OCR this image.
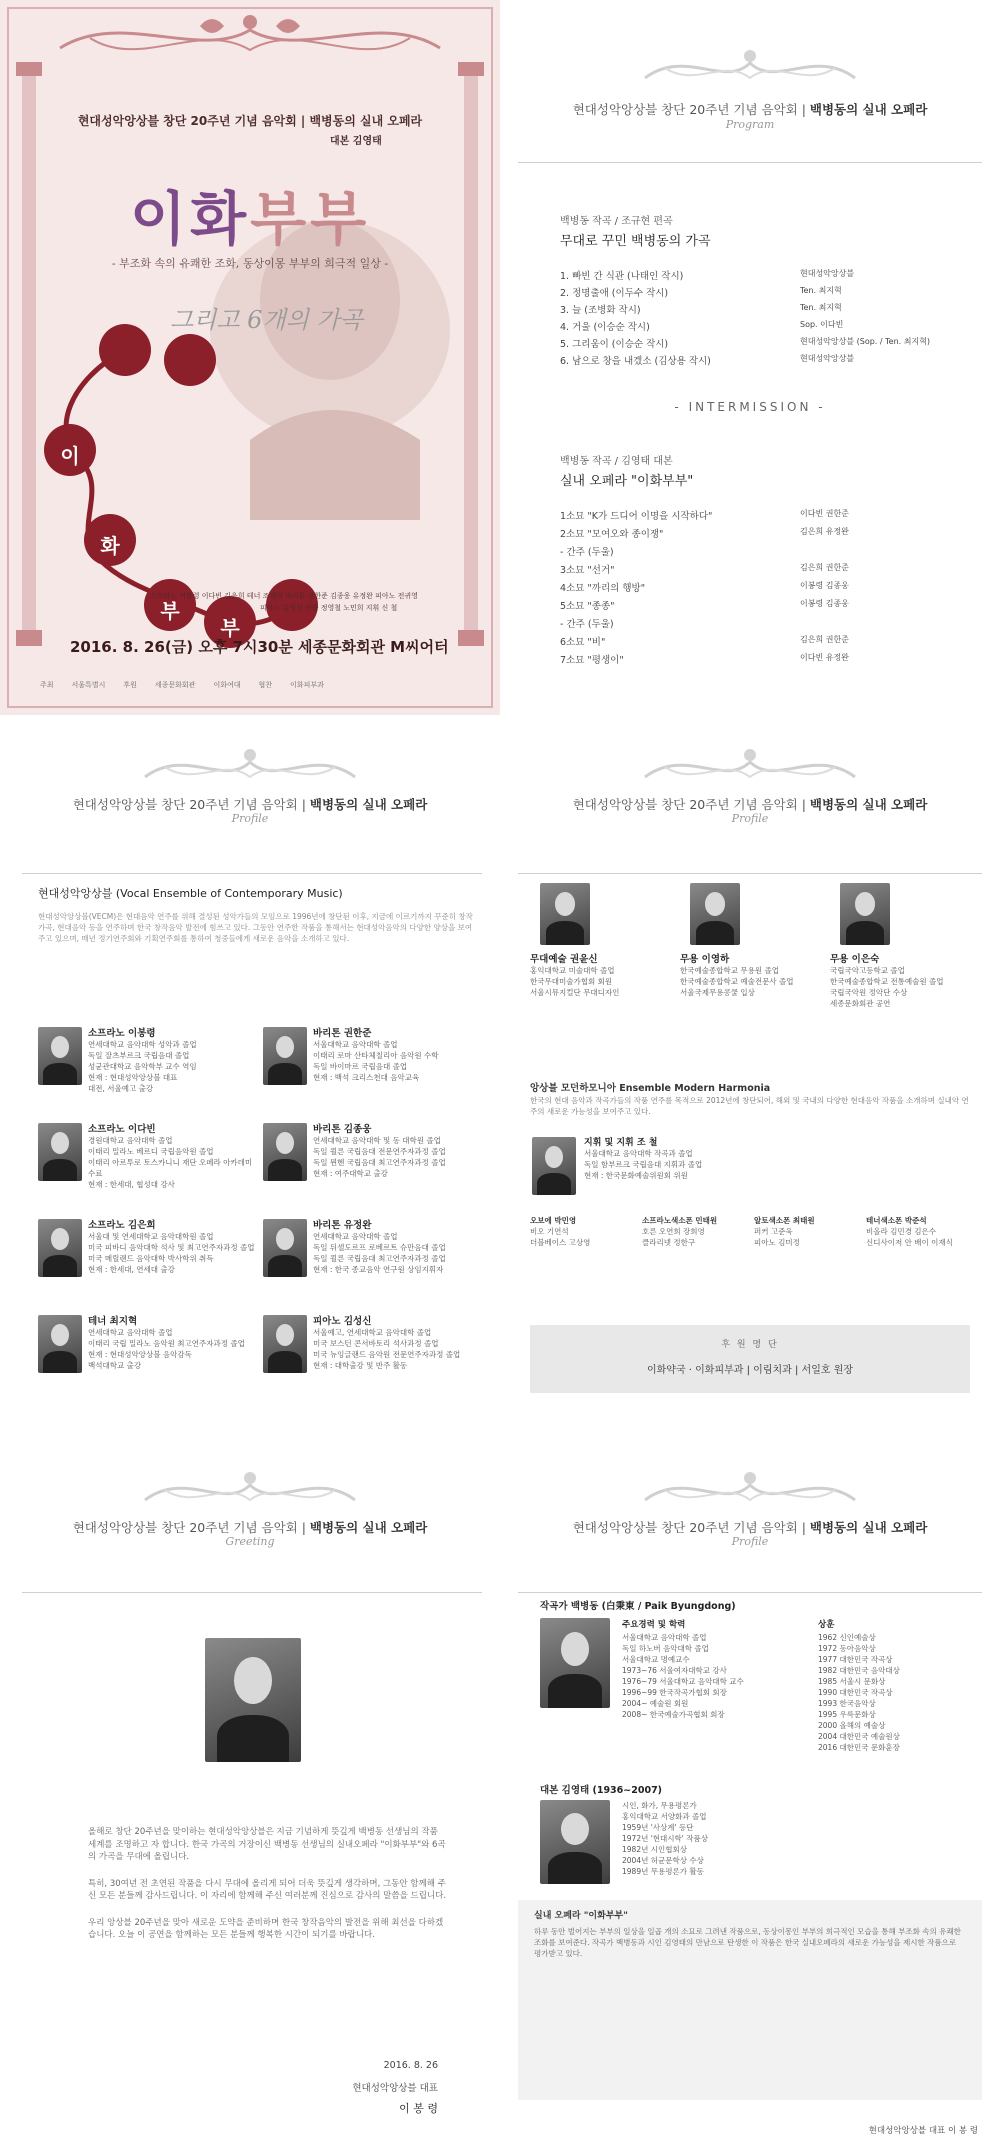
현대성악앙상블 창단 20주년 기념 음악회 | 백병동의 실내 오페라
대본 김영태
이화부부
- 부조화 속의 유쾌한 조화, 동상이몽 부부의 희극적 일상 -
그리고 6개의 가곡
이
화
부
부
소프라노 이봉령 이다빈 김은희 테너 조재희 바리톤 권한준 김종웅 유정완 피아노 전귀영
피아노 김성신 연출 정영철 노민희 지휘 신 철
2016. 8. 26(금) 오후 7시30분 세종문화회관 M씨어터
주최	서울특별시	후원	세종문화회관	이화여대	협찬	이화피부과
현대성악앙상블 창단 20주년 기념 음악회 | 백병동의 실내 오페라
Program
백병동 작곡 / 조규현 편곡
무대로 꾸민 백병동의 가곡
1. 빠빈 간 식관 (나태인 작시)	현대성악앙상블
2. 정명출애 (이두수 작시)	Ten. 최지혁
3. 늘 (조병화 작시)	Ten. 최지혁
4. 거울 (이승순 작시)	Sop. 이다빈
5. 그리움이 (이승순 작시)	현대성악앙상블 (Sop. / Ten. 최지혁)
6. 남으로 창을 내겠소 (김상용 작시)	현대성악앙상블
- INTERMISSION -
백병동 작곡 / 김영태 대본
실내 오페라 "이화부부"
1소묘 "K가 드디어 이명을 시작하다"	이다빈 권한준
2소묘 "모여오와 종이쟁"	김은희 유정완
- 간주 (두울)
3소묘 "선거"	김은희 권한준
4소묘 "까리의 행방"	이봉령 김종웅
5소묘 "종종"	이봉령 김종웅
- 간주 (두울)
6소묘 "비"	김은희 권한준
7소묘 "평생이"	이다빈 유정완
현대성악앙상블 창단 20주년 기념 음악회 | 백병동의 실내 오페라
Profile
현대성악앙상블 (Vocal Ensemble of Contemporary Music)
현대성악앙상블(VECM)은 현대음악 연주를 위해 결성된 성악가들의 모임으로 1996년에 창단된 이후, 지금에 이르기까지 꾸준히 창작가곡, 현대음악 등을 연주하며 한국 창작음악 발전에 힘쓰고 있다. 그동안 연주한 작품을 통해서는 현대성악음악의 다양한 양상을 보여주고 있으며, 매년 정기연주회와 기획연주회를 통하여 청중들에게 새로운 음악을 소개하고 있다.
소프라노 이봉령
연세대학교 음악대학 성악과 졸업
독일 잘츠부르크 국립음대 졸업
성균관대학교 음악학부 교수 역임
현재 : 현대성악앙상블 대표
대전, 서울예고 출강
바리톤 권한준
서울대학교 음악대학 졸업
이태리 로마 산타체칠리아 음악원 수학
독일 바이마르 국립음대 졸업
현재 : 백석 크리스천대 음악교육
소프라노 이다빈
경원대학교 음악대학 졸업
이태리 밀라노 베르디 국립음악원 졸업
이태리 아르투로 토스카니니 재단 오페라 아카데미 수료
현재 : 한세대, 협성대 강사
바리톤 김종웅
연세대학교 음악대학 및 동 대학원 졸업
독일 쾰른 국립음대 전문연주자과정 졸업
독일 뮌헨 국립음대 최고연주자과정 졸업
현재 : 여주대학교 출강
소프라노 김은희
서울대 및 연세대학교 음악대학원 졸업
미국 피바디 음악대학 석사 및 최고연주자과정 졸업
미국 메릴랜드 음악대학 박사학위 취득
현재 : 한세대, 연세대 출강
바리톤 유정완
연세대학교 음악대학 졸업
독일 뒤셀도르프 로베르트 슈만음대 졸업
독일 쾰른 국립음대 최고연주자과정 졸업
현재 : 한국 종교음악 연구원 상임지휘자
테너 최지혁
연세대학교 음악대학 졸업
이태리 국립 밀라노 음악원 최고연주자과정 졸업
현재 : 현대성악앙상블 음악감독
백석대학교 출강
피아노 김성신
서울예고, 연세대학교 음악대학 졸업
미국 보스턴 콘서바토리 석사과정 졸업
미국 뉴잉글랜드 음악원 전문연주자과정 졸업
현재 : 대학출강 및 반주 활동
현대성악앙상블 창단 20주년 기념 음악회 | 백병동의 실내 오페라
Profile
무대예술 권윤신
홍익대학교 미술대학 졸업
한국무대미술가협회 회원
서울시뮤지컬단 무대디자인
무용 이영하
한국예술종합학교 무용원 졸업
한국예술종합학교 예술전문사 졸업
서울국제무용콩쿨 입상
무용 이은숙
국립국악고등학교 졸업
한국예술종합학교 전통예술원 졸업
국립국악원 정악단 수상
세종문화회관 공연
앙상블 모던하모니아 Ensemble Modern Harmonia
한국의 현대 음악과 작곡가들의 작품 연주를 목적으로 2012년에 창단되어, 해외 및 국내의 다양한 현대음악 작품을 소개하며 실내악 연주의 새로운 가능성을 보여주고 있다.
지휘 및 지휘 조 철
서울대학교 음악대학 작곡과 졸업
독일 함부르크 국립음대 지휘과 졸업
현재 : 한국문화예술위원회 위원
오보에 박민영
비오 기연석
더블베이스 고상영
소프라노색소폰 민태원
호른 오연희 장희영
클라리넷 정한구
알토색소폰 최태원
퍼커 고준욱
피아노 김미정
테너색소폰 박준석
비올라 김민경 김은수
신디사이저 안 배이 이재식
후 원 명 단
이화약국 · 이화피부과 | 이림치과 | 서일호 원장
현대성악앙상블 창단 20주년 기념 음악회 | 백병동의 실내 오페라
Greeting

올해로 창단 20주년을 맞이하는 현대성악앙상블은 지금 기념하게 뜻깊게 백병동 선생님의 작품 세계를 조명하고 자 합니다. 한국 가곡의 거장이신 백병동 선생님의 실내오페라 "이화부부"와 6곡의 가곡을 무대에 올립니다.

특히, 30여년 전 초연된 작품을 다시 무대에 올리게 되어 더욱 뜻깊게 생각하며, 그동안 함께해 주신 모든 분들께 감사드립니다. 이 자리에 함께해 주신 여러분께 진심으로 감사의 말씀을 드립니다.

우리 앙상블 20주년을 맞아 새로운 도약을 준비하며 한국 창작음악의 발전을 위해 최선을 다하겠습니다. 오늘 이 공연을 함께하는 모든 분들께 행복한 시간이 되기를 바랍니다.

2016. 8. 26
현대성악앙상블 대표
이 봉 령
현대성악앙상블 창단 20주년 기념 음악회 | 백병동의 실내 오페라
Profile
작곡가 백병동 (白秉東 / Paik Byungdong)
주요경력 및 학력
서울대학교 음악대학 졸업
독일 하노버 음악대학 졸업
서울대학교 명예교수
1973~76 서울여자대학교 강사
1976~79 서울대학교 음악대학 교수
1996~99 한국작곡가협회 회장
2004~ 예술원 회원
2008~ 한국예술가곡협회 회장
상훈
1962 신인예술상
1972 동아음악상
1977 대한민국 작곡상
1982 대한민국 음악대상
1985 서울시 문화상
1990 대한민국 작곡상
1993 한국음악상
1995 우륵문화상
2000 올해의 예술상
2004 대한민국 예술원상
2016 대한민국 문화훈장
대본 김영태 (1936~2007)
시인, 화가, 무용평론가
홍익대학교 서양화과 졸업
1959년 '사상계' 등단
1972년 '현대시학' 작품상
1982년 시인협회상
2004년 허균문학상 수상
1989년 무용평론가 활동
실내 오페라 "이화부부"
하루 동안 벌어지는 부부의 일상을 일곱 개의 소묘로 그려낸 작품으로, 동상이몽인 부부의 희극적인 모습을 통해 부조화 속의 유쾌한 조화를 보여준다. 작곡가 백병동과 시인 김영태의 만남으로 탄생한 이 작품은 한국 실내오페라의 새로운 가능성을 제시한 작품으로 평가받고 있다.
현대성악앙상블 대표 이 봉 령
